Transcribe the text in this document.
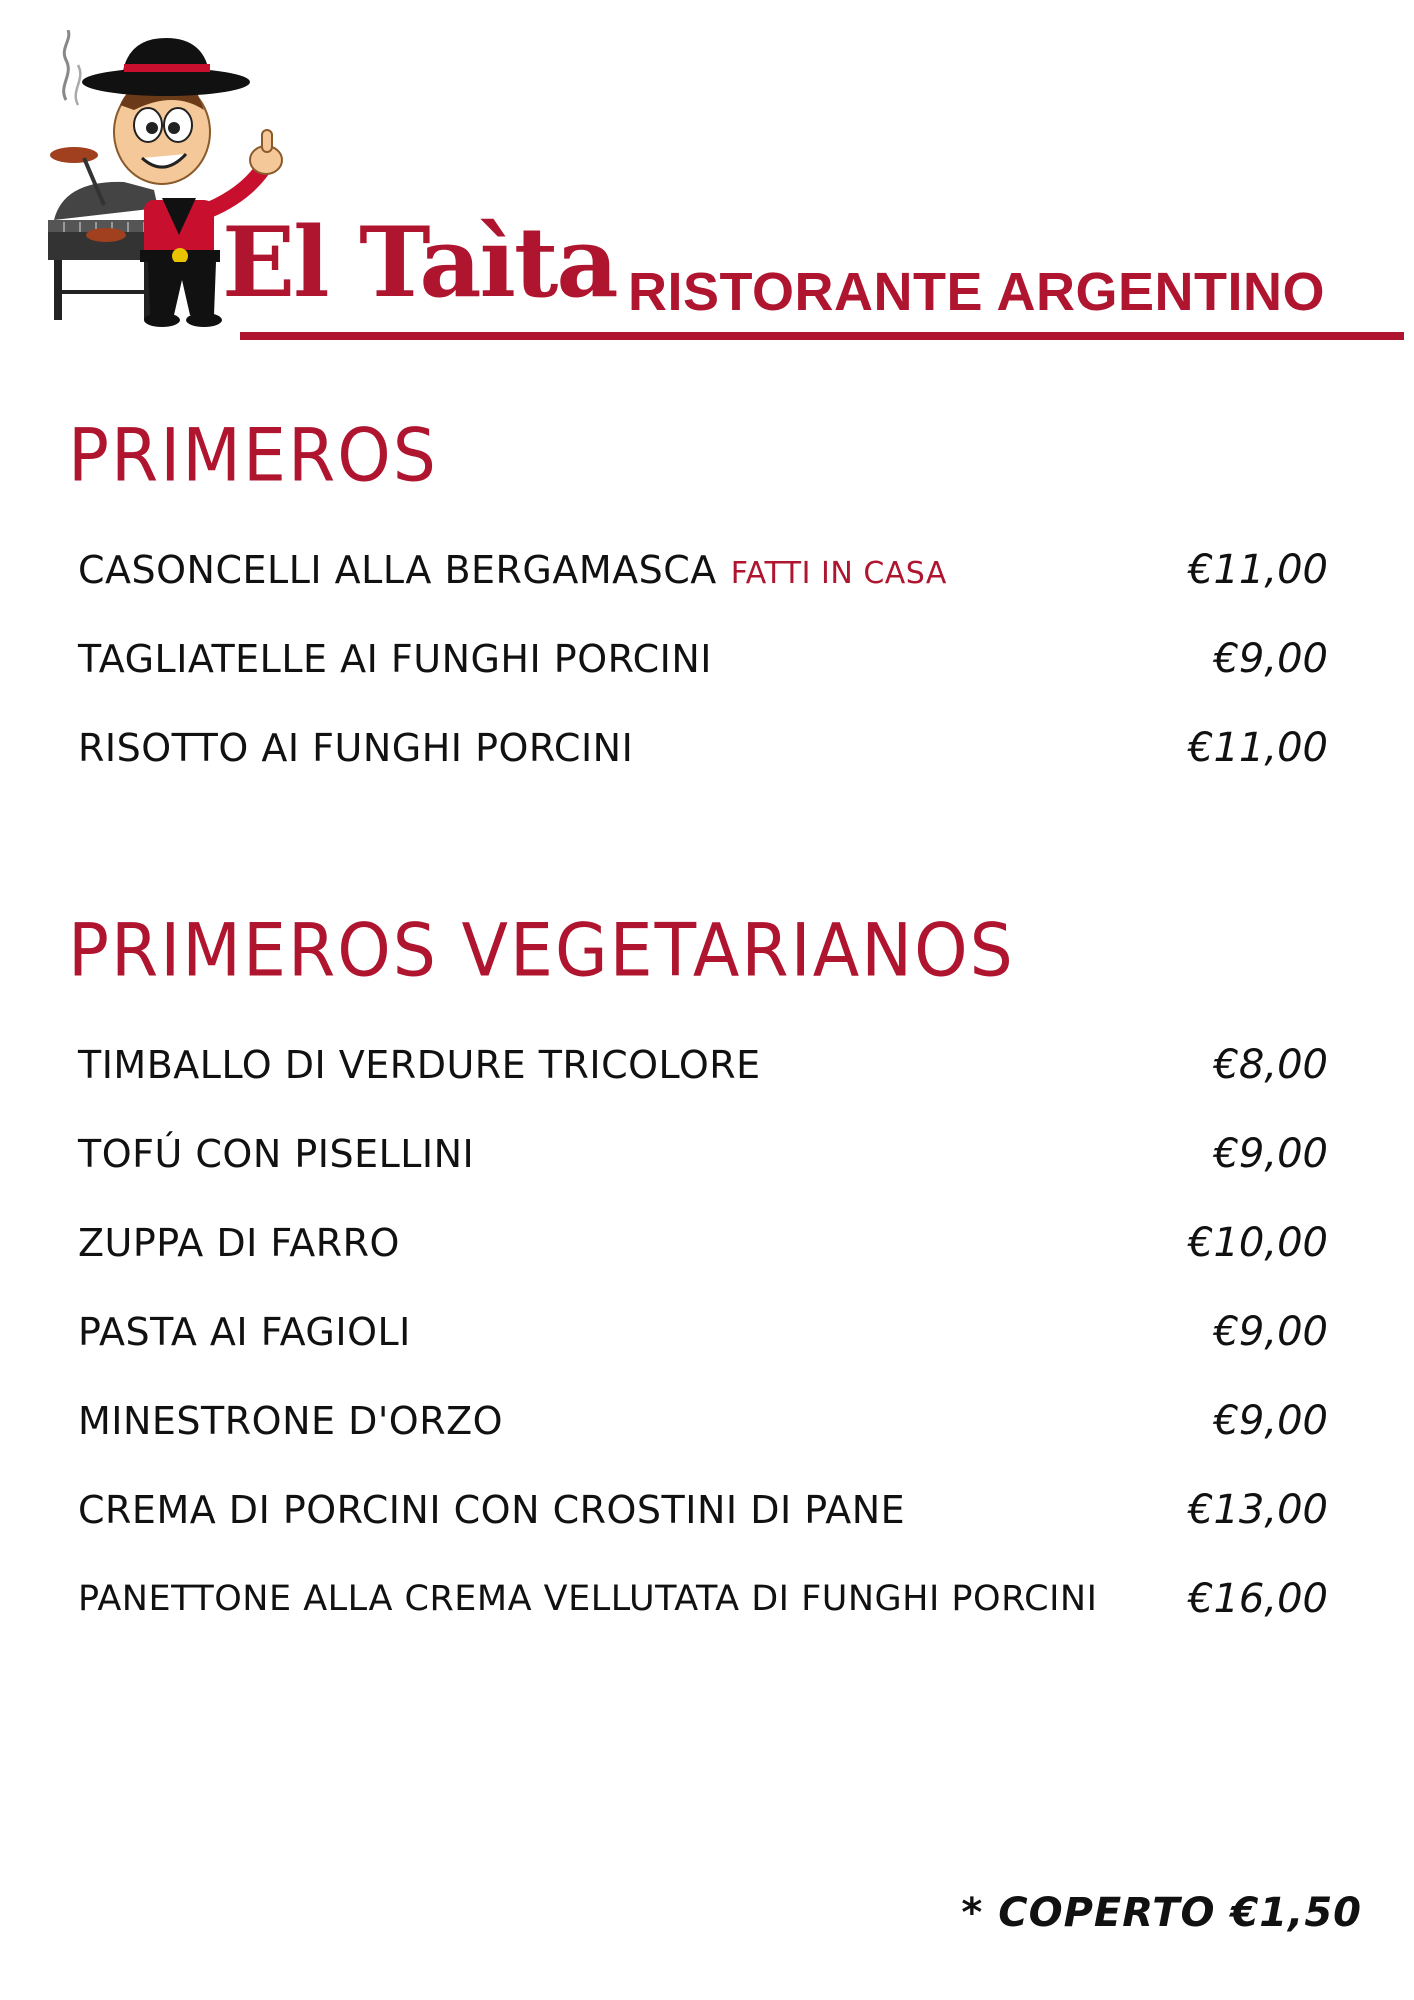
El Taìta RISTORANTE ARGENTINO
PRIMEROS
CASONCELLI ALLA BERGAMASCA FATTI IN CASA	€11,00
TAGLIATELLE AI FUNGHI PORCINI	€9,00
RISOTTO AI FUNGHI PORCINI	€11,00
PRIMEROS VEGETARIANOS
TIMBALLO DI VERDURE TRICOLORE	€8,00
TOFÚ CON PISELLINI	€9,00
ZUPPA DI FARRO	€10,00
PASTA AI FAGIOLI	€9,00
MINESTRONE D'ORZO	€9,00
CREMA DI PORCINI CON CROSTINI DI PANE	€13,00
PANETTONE ALLA CREMA VELLUTATA DI FUNGHI PORCINI €16,00
* COPERTO €1,50
